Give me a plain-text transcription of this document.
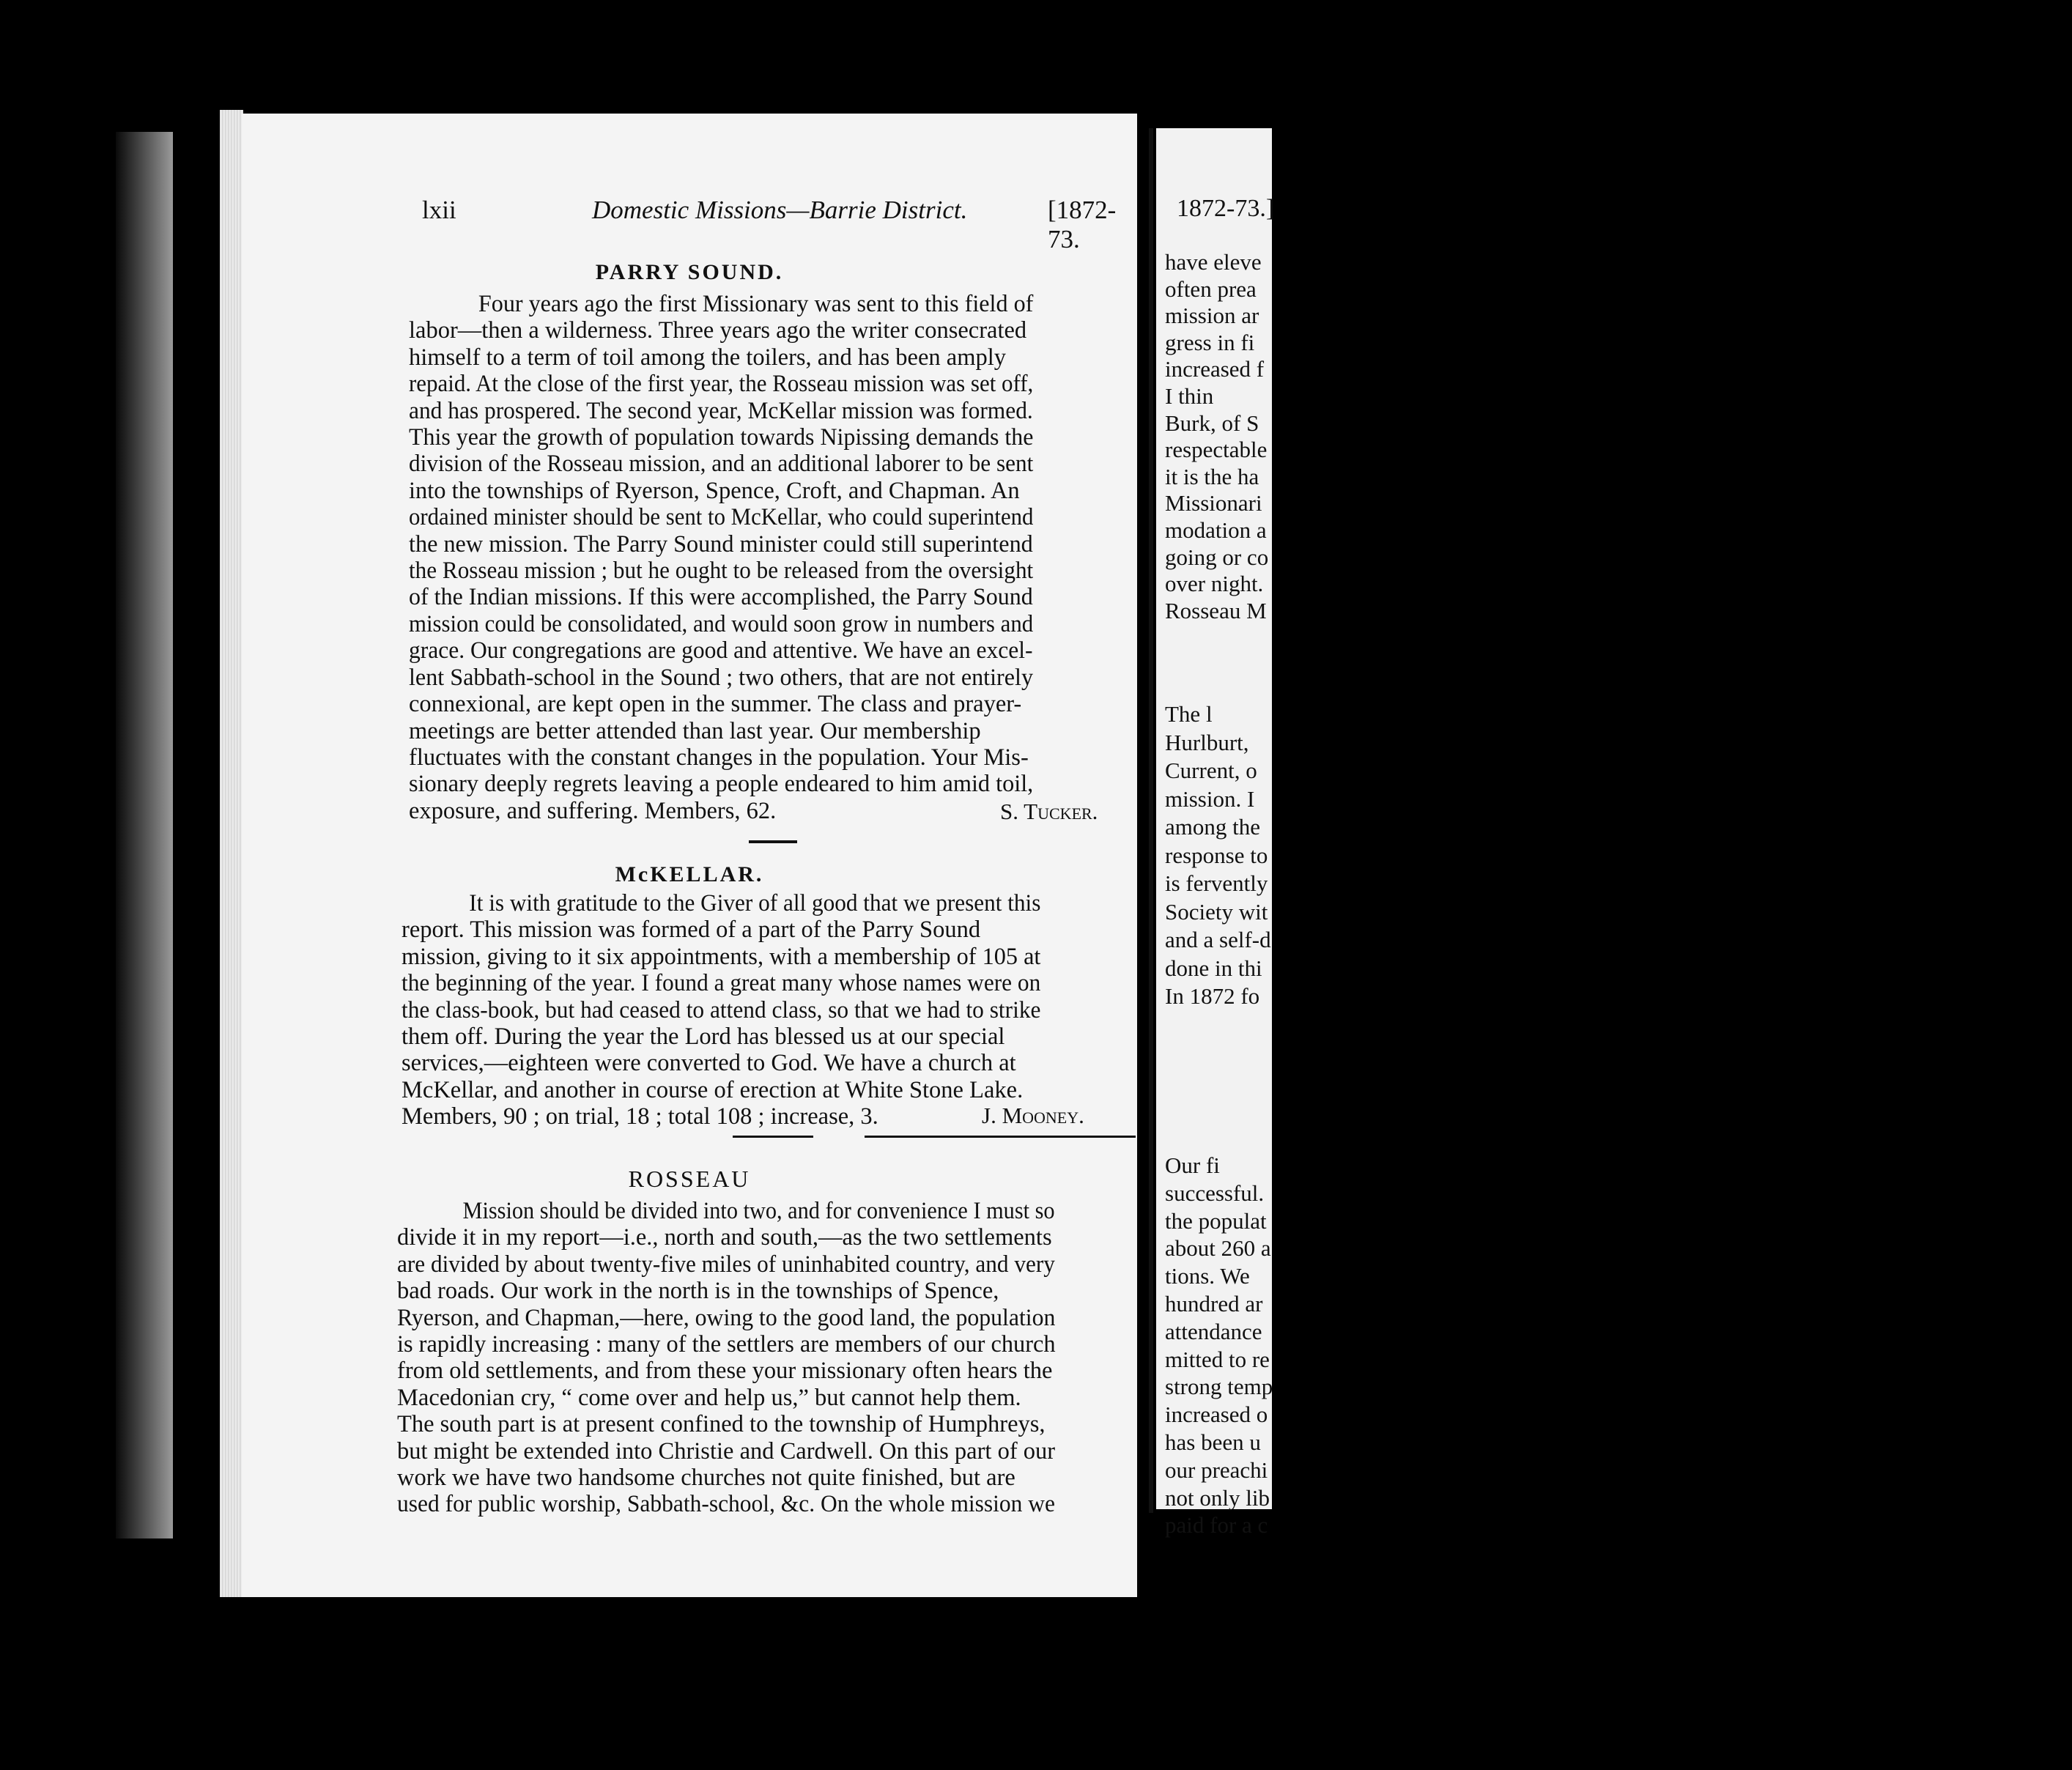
lxii	Domestic Missions—Barrie District.	[1872-73.
PARRY SOUND.
Four years ago the first Missionary was sent to this field of
labor—then a wilderness. Three years ago the writer consecrated
himself to a term of toil among the toilers, and has been amply
repaid. At the close of the first year, the Rosseau mission was set off,
and has prospered. The second year, McKellar mission was formed.
This year the growth of population towards Nipissing demands the
division of the Rosseau mission, and an additional laborer to be sent
into the townships of Ryerson, Spence, Croft, and Chapman. An
ordained minister should be sent to McKellar, who could superintend
the new mission. The Parry Sound minister could still superintend
the Rosseau mission ; but he ought to be released from the oversight
of the Indian missions. If this were accomplished, the Parry Sound
mission could be consolidated, and would soon grow in numbers and
grace. Our congregations are good and attentive. We have an excel-
lent Sabbath-school in the Sound ; two others, that are not entirely
connexional, are kept open in the summer. The class and prayer-
meetings are better attended than last year. Our membership
fluctuates with the constant changes in the population. Your Mis-
sionary deeply regrets leaving a people endeared to him amid toil,
exposure, and suffering. Members, 62.	S. Tucker.
McKELLAR.
It is with gratitude to the Giver of all good that we present this
report. This mission was formed of a part of the Parry Sound
mission, giving to it six appointments, with a membership of 105 at
the beginning of the year. I found a great many whose names were on
the class-book, but had ceased to attend class, so that we had to strike
them off. During the year the Lord has blessed us at our special
services,—eighteen were converted to God. We have a church at
McKellar, and another in course of erection at White Stone Lake.
Members, 90 ; on trial, 18 ; total 108 ; increase, 3.	J. Mooney.
ROSSEAU
Mission should be divided into two, and for convenience I must so
divide it in my report—i.e., north and south,—as the two settlements
are divided by about twenty-five miles of uninhabited country, and very
bad roads. Our work in the north is in the townships of Spence,
Ryerson, and Chapman,—here, owing to the good land, the population
is rapidly increasing : many of the settlers are members of our church
from old settlements, and from these your missionary often hears the
Macedonian cry, “ come over and help us,” but cannot help them.
The south part is at present confined to the township of Humphreys,
but might be extended into Christie and Cardwell. On this part of our
work we have two handsome churches not quite finished, but are
used for public worship, Sabbath-school, &c. On the whole mission we
1872-73.]
have eleve
often prea
mission ar
gress in fi
increased f
I thin
Burk, of S
respectable
it is the ha
Missionari
modation a
going or co
over night.
Rosseau M
The l
Hurlburt,
Current, o
mission. I
among the
response to
is fervently
Society wit
and a self-d
done in thi
In 1872 fo
Our fi
successful.
the populat
about 260 a
tions. We
hundred ar
attendance
mitted to re
strong temp
increased o
has been u
our preachi
not only lib
paid for a c
